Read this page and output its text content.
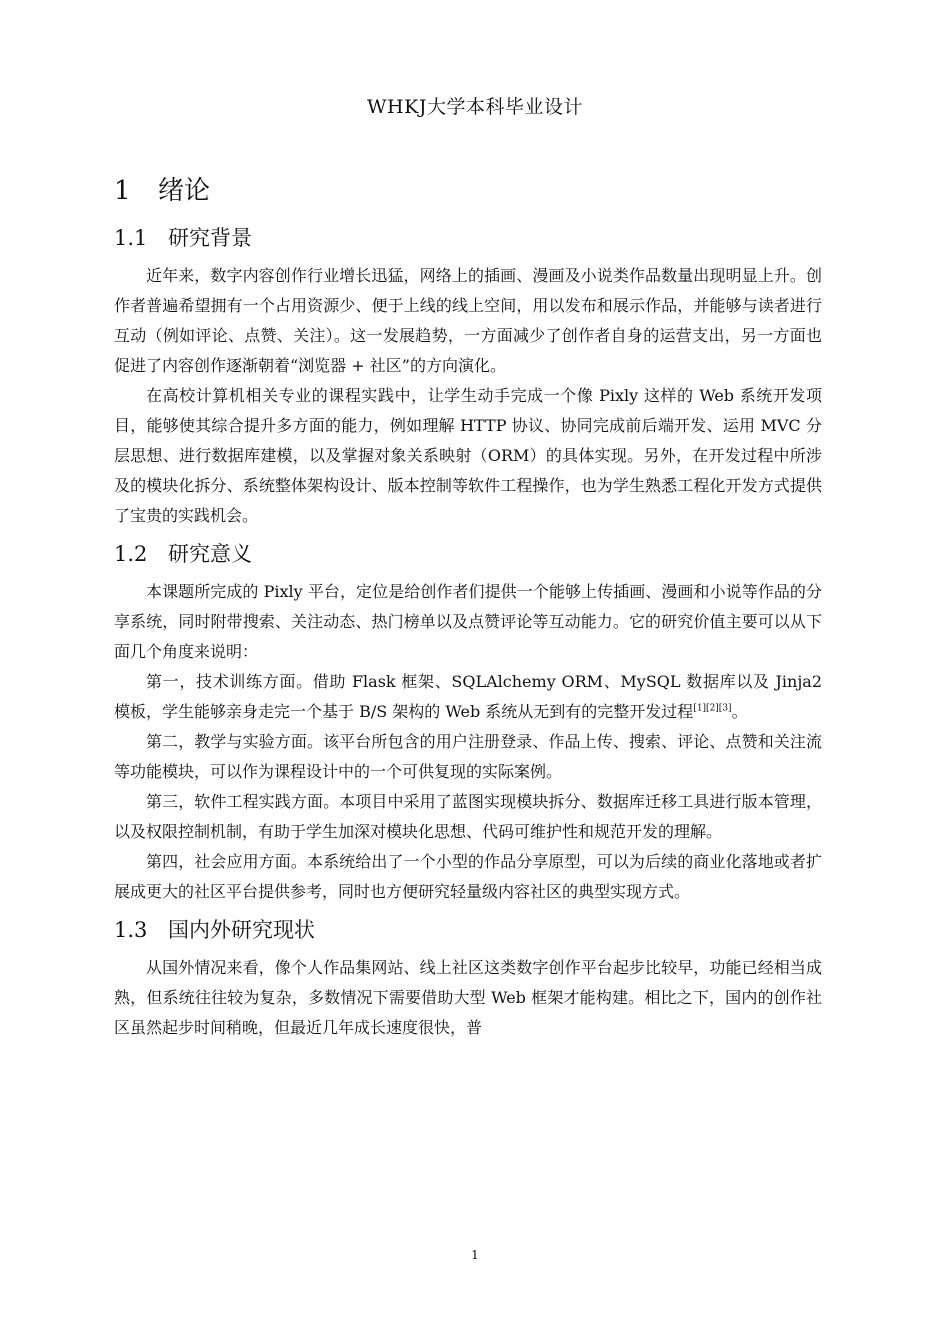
WHKJ大学本科毕业设计
1	绪论
1.1 研究背景

近年来，数字内容创作行业增长迅猛，网络上的插画、漫画及小说类作品数量出现明显上升。创作者普遍希望拥有一个占用资源少、便于上线的线上空间，用以发布和展示作品，并能够与读者进行互动（例如评论、点赞、关注）。这一发展趋势，一方面减少了创作者自身的运营支出，另一方面也促进了内容创作逐渐朝着“浏览器 + 社区”的方向演化。

在高校计算机相关专业的课程实践中，让学生动手完成一个像 Pixly 这样的 Web 系统开发项目，能够使其综合提升多方面的能力，例如理解 HTTP 协议、协同完成前后端开发、运用 MVC 分层思想、进行数据库建模，以及掌握对象关系映射（ORM）的具体实现。另外，在开发过程中所涉及的模块化拆分、系统整体架构设计、版本控制等软件工程操作，也为学生熟悉工程化开发方式提供了宝贵的实践机会。

1.2 研究意义

本课题所完成的 Pixly 平台，定位是给创作者们提供一个能够上传插画、漫画和小说等作品的分享系统，同时附带搜索、关注动态、热门榜单以及点赞评论等互动能力。它的研究价值主要可以从下面几个角度来说明：

第一，技术训练方面。借助 Flask 框架、SQLAlchemy ORM、MySQL 数据库以及 Jinja2 模板，学生能够亲身走完一个基于 B/S 架构的 Web 系统从无到有的完整开发过程[1][2][3]。

第二，教学与实验方面。该平台所包含的用户注册登录、作品上传、搜索、评论、点赞和关注流等功能模块，可以作为课程设计中的一个可供复现的实际案例。

第三，软件工程实践方面。本项目中采用了蓝图实现模块拆分、数据库迁移工具进行版本管理，以及权限控制机制，有助于学生加深对模块化思想、代码可维护性和规范开发的理解。

第四，社会应用方面。本系统给出了一个小型的作品分享原型，可以为后续的商业化落地或者扩展成更大的社区平台提供参考，同时也方便研究轻量级内容社区的典型实现方式。

1.3 国内外研究现状

从国外情况来看，像个人作品集网站、线上社区这类数字创作平台起步比较早，功能已经相当成熟，但系统往往较为复杂，多数情况下需要借助大型 Web 框架才能构建。相比之下，国内的创作社区虽然起步时间稍晚，但最近几年成长速度很快，普

1
